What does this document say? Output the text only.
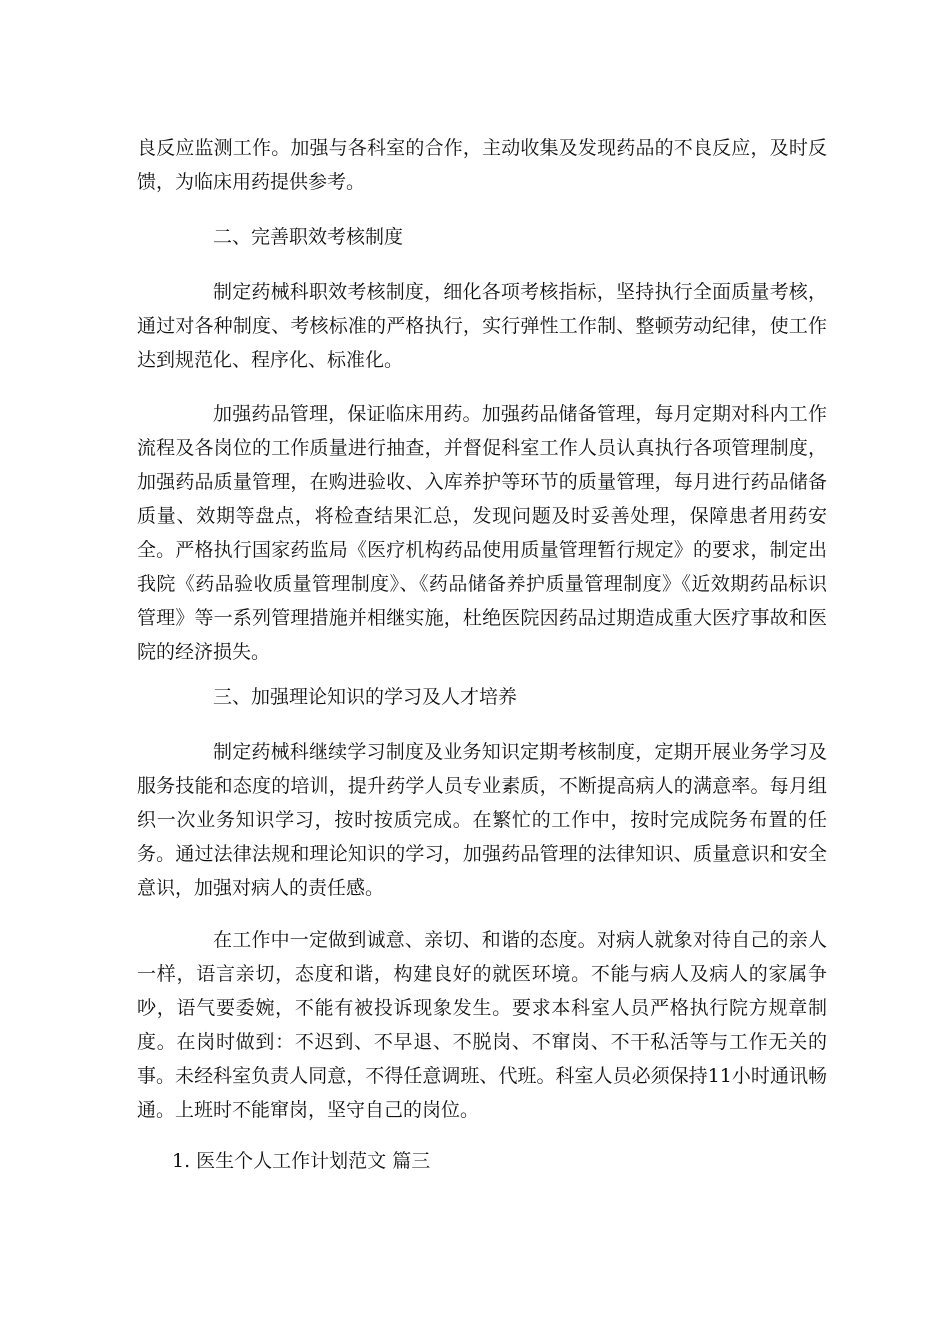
良反应监测工作。加强与各科室的合作，主动收集及发现药品的不良反应，及时反馈，为临床用药提供参考。

二、完善职效考核制度

制定药械科职效考核制度，细化各项考核指标，坚持执行全面质量考核，通过对各种制度、考核标准的严格执行，实行弹性工作制、整顿劳动纪律，使工作达到规范化、程序化、标准化。

加强药品管理，保证临床用药。加强药品储备管理，每月定期对科内工作流程及各岗位的工作质量进行抽查，并督促科室工作人员认真执行各项管理制度，加强药品质量管理，在购进验收、入库养护等环节的质量管理，每月进行药品储备质量、效期等盘点，将检查结果汇总，发现问题及时妥善处理，保障患者用药安全。严格执行国家药监局《医疗机构药品使用质量管理暂行规定》的要求，制定出我院《药品验收质量管理制度》、《药品储备养护质量管理制度》《近效期药品标识管理》等一系列管理措施并相继实施，杜绝医院因药品过期造成重大医疗事故和医院的经济损失。

三、加强理论知识的学习及人才培养

制定药械科继续学习制度及业务知识定期考核制度，定期开展业务学习及服务技能和态度的培训，提升药学人员专业素质，不断提高病人的满意率。每月组织一次业务知识学习，按时按质完成。在繁忙的工作中，按时完成院务布置的任务。通过法律法规和理论知识的学习，加强药品管理的法律知识、质量意识和安全意识，加强对病人的责任感。

在工作中一定做到诚意、亲切、和谐的态度。对病人就象对待自己的亲人一样，语言亲切，态度和谐，构建良好的就医环境。不能与病人及病人的家属争吵，语气要委婉，不能有被投诉现象发生。要求本科室人员严格执行院方规章制度。在岗时做到：不迟到、不早退、不脱岗、不窜岗、不干私活等与工作无关的事。未经科室负责人同意，不得任意调班、代班。科室人员必须保持11小时通讯畅通。上班时不能窜岗，坚守自己的岗位。

1. 医生个人工作计划范文 篇三
